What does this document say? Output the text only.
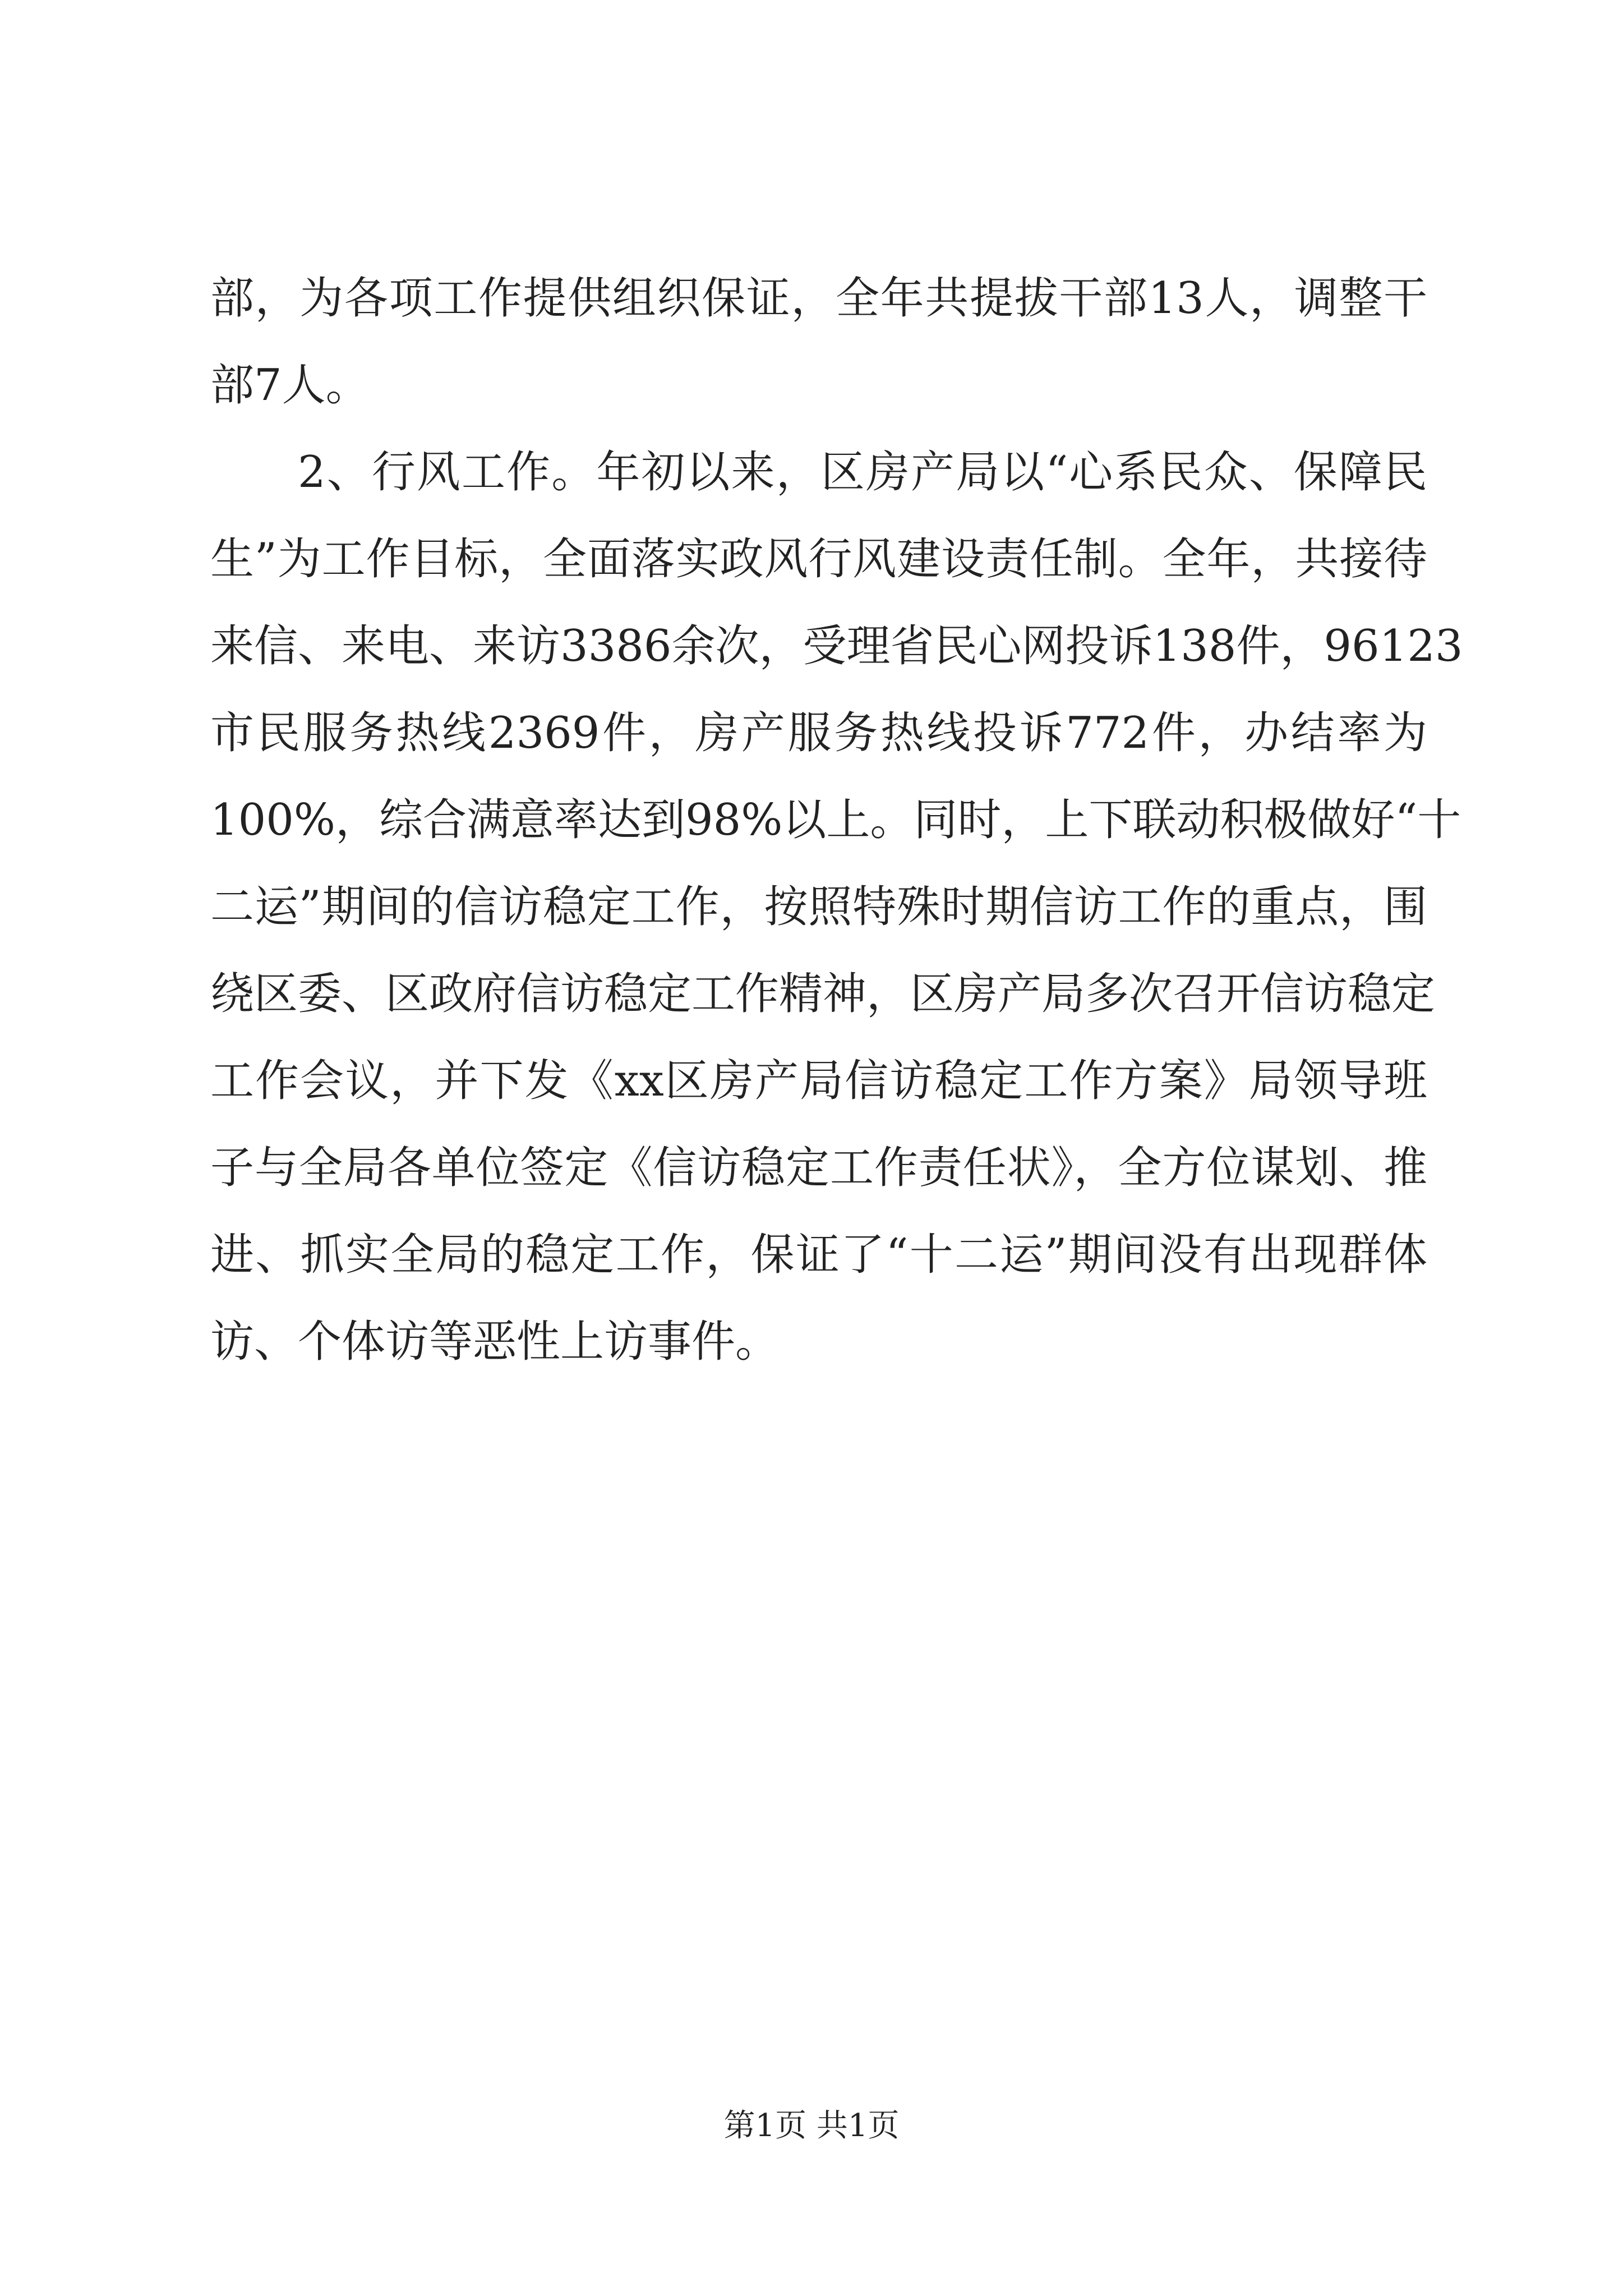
部，为各项工作提供组织保证，全年共提拔干部13人，调整干
部7人。
2、行风工作。年初以来，区房产局以“心系民众、保障民
生”为工作目标，全面落实政风行风建设责任制。全年，共接待
来信、来电、来访3386余次，受理省民心网投诉138件，96123
市民服务热线2369件，房产服务热线投诉772件，办结率为
100%，综合满意率达到98%以上。同时，上下联动积极做好“十
二运”期间的信访稳定工作，按照特殊时期信访工作的重点，围
绕区委、区政府信访稳定工作精神，区房产局多次召开信访稳定
工作会议，并下发《xx区房产局信访稳定工作方案》局领导班
子与全局各单位签定《信访稳定工作责任状》，全方位谋划、推
进、抓实全局的稳定工作，保证了“十二运”期间没有出现群体
访、个体访等恶性上访事件。
第1页 共1页
